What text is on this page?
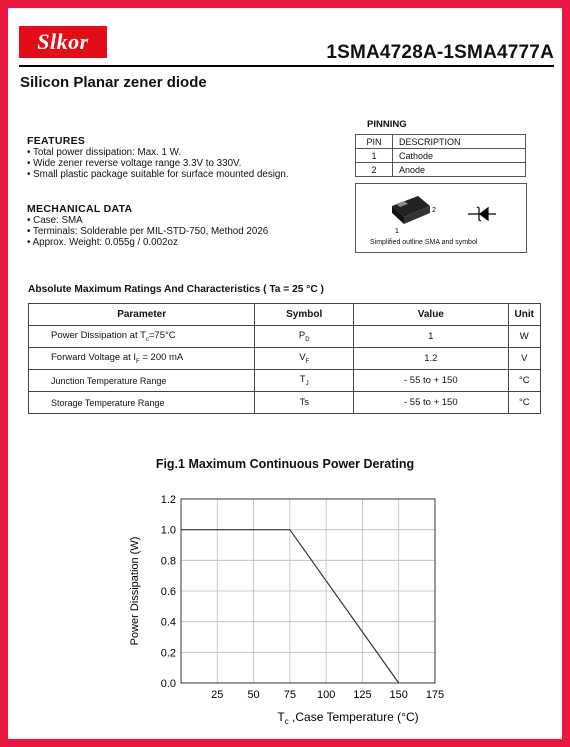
Slkor	1SMA4728A-1SMA4777A
Silicon Planar zener diode
FEATURES
• Total power dissipation: Max. 1 W.
• Wide zener reverse voltage range 3.3V to 330V.
• Small plastic package suitable for surface mounted design.
MECHANICAL DATA
• Case: SMA
• Terminals: Solderable per MIL-STD-750, Method 2026
• Approx. Weight: 0.055g / 0.002oz
PINNING
PIN	DESCRIPTION
1	Cathode
2	Anode
1
2
Simplified outline SMA and symbol
Absolute Maximum Ratings And Characteristics ( Ta = 25 °C )
Parameter	Symbol	Value	Unit
Power Dissipation at $T_c=75^\circ C$	$P_D$	1	W
Forward Voltage at $I_F = 200$ mA	$V_F$	1.2	V
Junction Temperature Range	$T_J$	- 55 to + 150	°C
Storage Temperature Range	Ts	- 55 to + 150	°C
Fig.1 Maximum Continuous Power Derating
25 50 75 100 125 150 175
0.0
0.2
0.4
0.6
0.8
1.0
1.2
Power Dissipation (W)
$T_c$ ,Case Temperature (°C)
